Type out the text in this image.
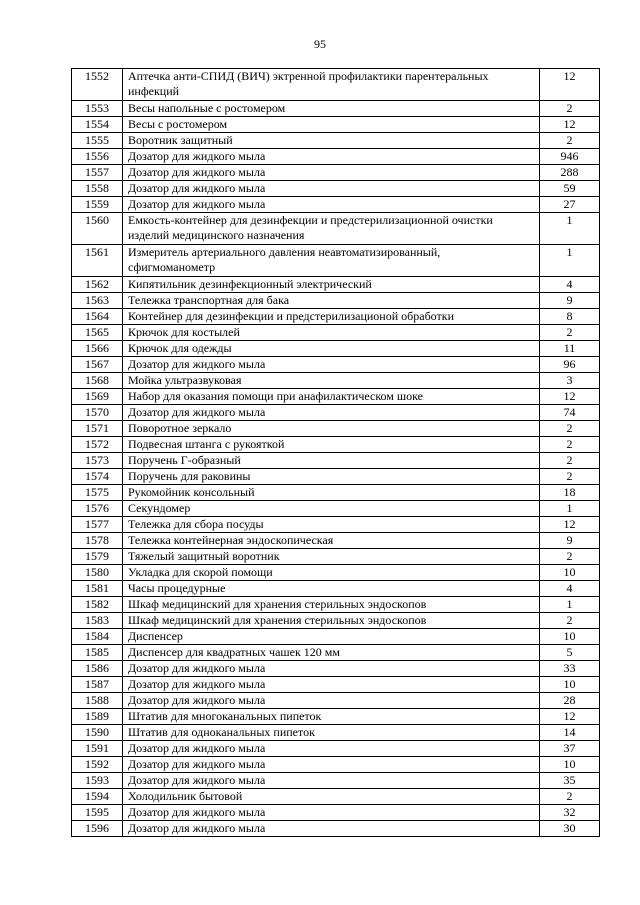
95
1552	Аптечка анти-СПИД (ВИЧ) эктренной профилактики парентеральных инфекций	12
1553	Весы напольные с ростомером	2
1554	Весы с ростомером	12
1555	Воротник защитный	2
1556	Дозатор для жидкого мыла	946
1557	Дозатор для жидкого мыла	288
1558	Дозатор для жидкого мыла	59
1559	Дозатор для жидкого мыла	27
1560	Емкость-контейнер для дезинфекции и предстерилизационной очистки изделий медицинского назначения	1
1561	Измеритель артериального давления неавтоматизированный, сфигмоманометр	1
1562	Кипятильник дезинфекционный электрический	4
1563	Тележка транспортная для бака	9
1564	Контейнер для дезинфекции и предстерилизационой обработки	8
1565	Крючок для костылей	2
1566	Крючок для одежды	11
1567	Дозатор для жидкого мыла	96
1568	Мойка ультразвуковая	3
1569	Набор для оказания помощи при анафилактическом шоке	12
1570	Дозатор для жидкого мыла	74
1571	Поворотное зеркало	2
1572	Подвесная штанга с рукояткой	2
1573	Поручень Г-образный	2
1574	Поручень для раковины	2
1575	Рукомойник консольный	18
1576	Секундомер	1
1577	Тележка для сбора посуды	12
1578	Тележка контейнерная эндоскопическая	9
1579	Тяжелый защитный воротник	2
1580	Укладка для скорой помощи	10
1581	Часы процедурные	4
1582	Шкаф медицинский для хранения стерильных эндоскопов	1
1583	Шкаф медицинский для хранения стерильных эндоскопов	2
1584	Диспенсер	10
1585	Диспенсер для квадратных чашек 120 мм	5
1586	Дозатор для жидкого мыла	33
1587	Дозатор для жидкого мыла	10
1588	Дозатор для жидкого мыла	28
1589	Штатив для многоканальных пипеток	12
1590	Штатив для одноканальных пипеток	14
1591	Дозатор для жидкого мыла	37
1592	Дозатор для жидкого мыла	10
1593	Дозатор для жидкого мыла	35
1594	Холодильник бытовой	2
1595	Дозатор для жидкого мыла	32
1596	Дозатор для жидкого мыла	30
